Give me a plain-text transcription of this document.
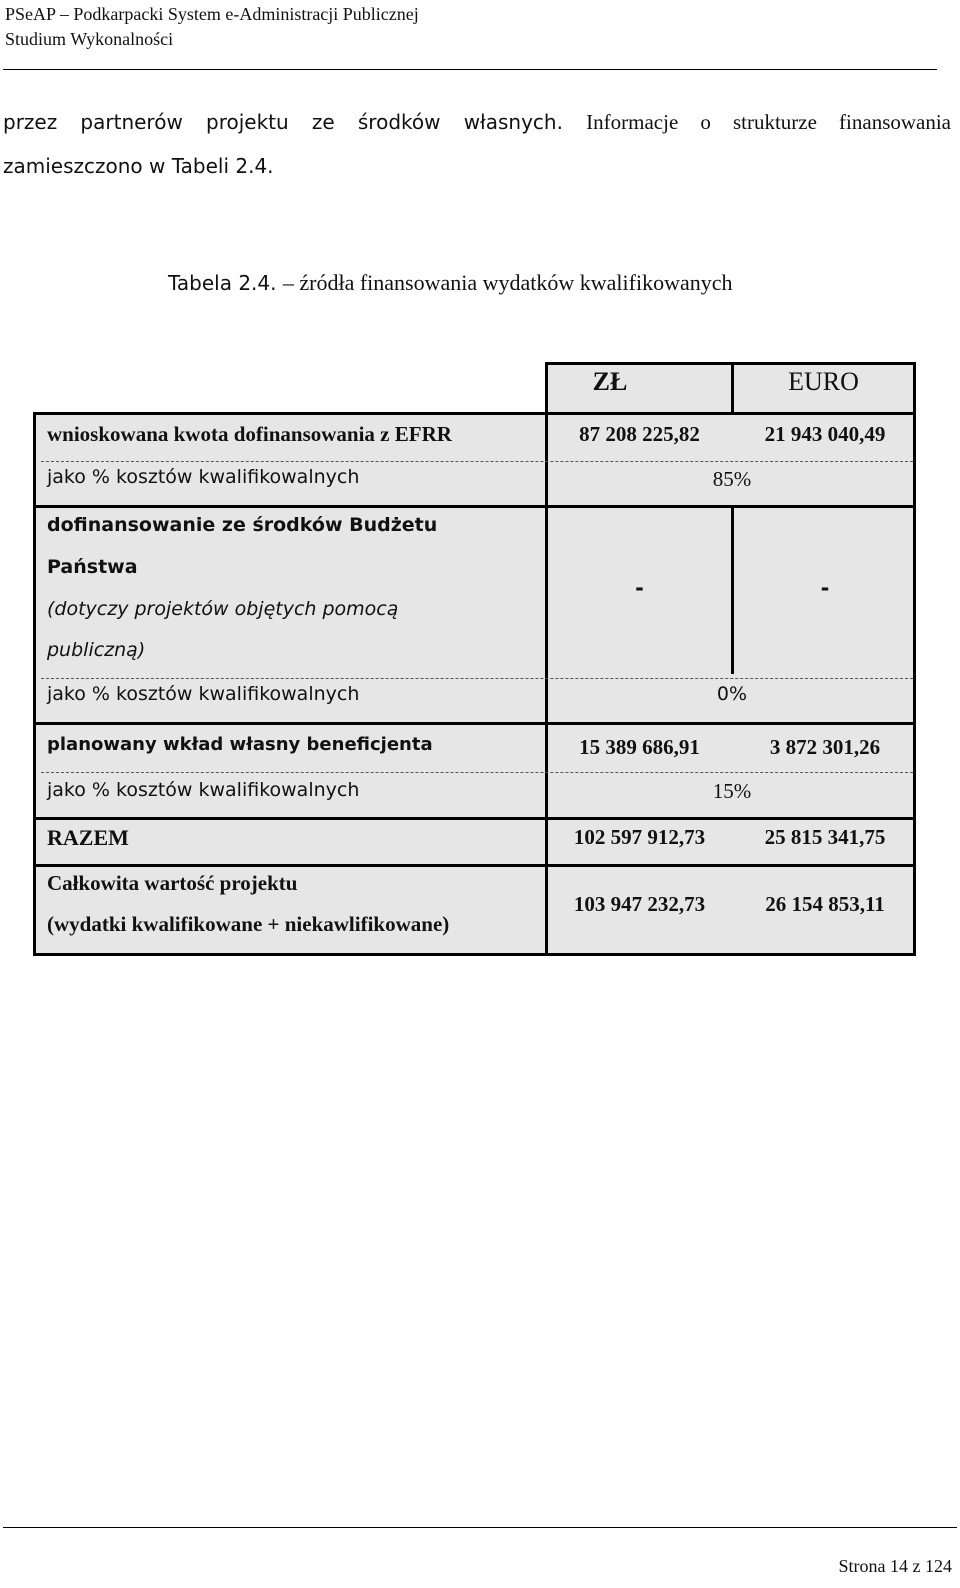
PSeAP – Podkarpacki System e-Administracji Publicznej
Studium Wykonalności
przez partnerów projektu ze środków własnych. Informacje o strukturze finansowania
zamieszczono w Tabeli 2.4.
Tabela 2.4. – źródła finansowania wydatków kwalifikowanych
ZŁ	EURO
wnioskowana kwota dofinansowania z EFRR	87 208 225,82	21 943 040,49
jako % kosztów kwalifikowalnych	85%
dofinansowanie ze środków Budżetu
Państwa
(dotyczy projektów objętych pomocą
publiczną)
-	-
jako % kosztów kwalifikowalnych	0%
planowany wkład własny beneficjenta	15 389 686,91	3 872 301,26
jako % kosztów kwalifikowalnych	15%
RAZEM	102 597 912,73	25 815 341,75
Całkowita wartość projektu
(wydatki kwalifikowane + niekawlifikowane)
103 947 232,73	26 154 853,11
Strona 14 z 124
